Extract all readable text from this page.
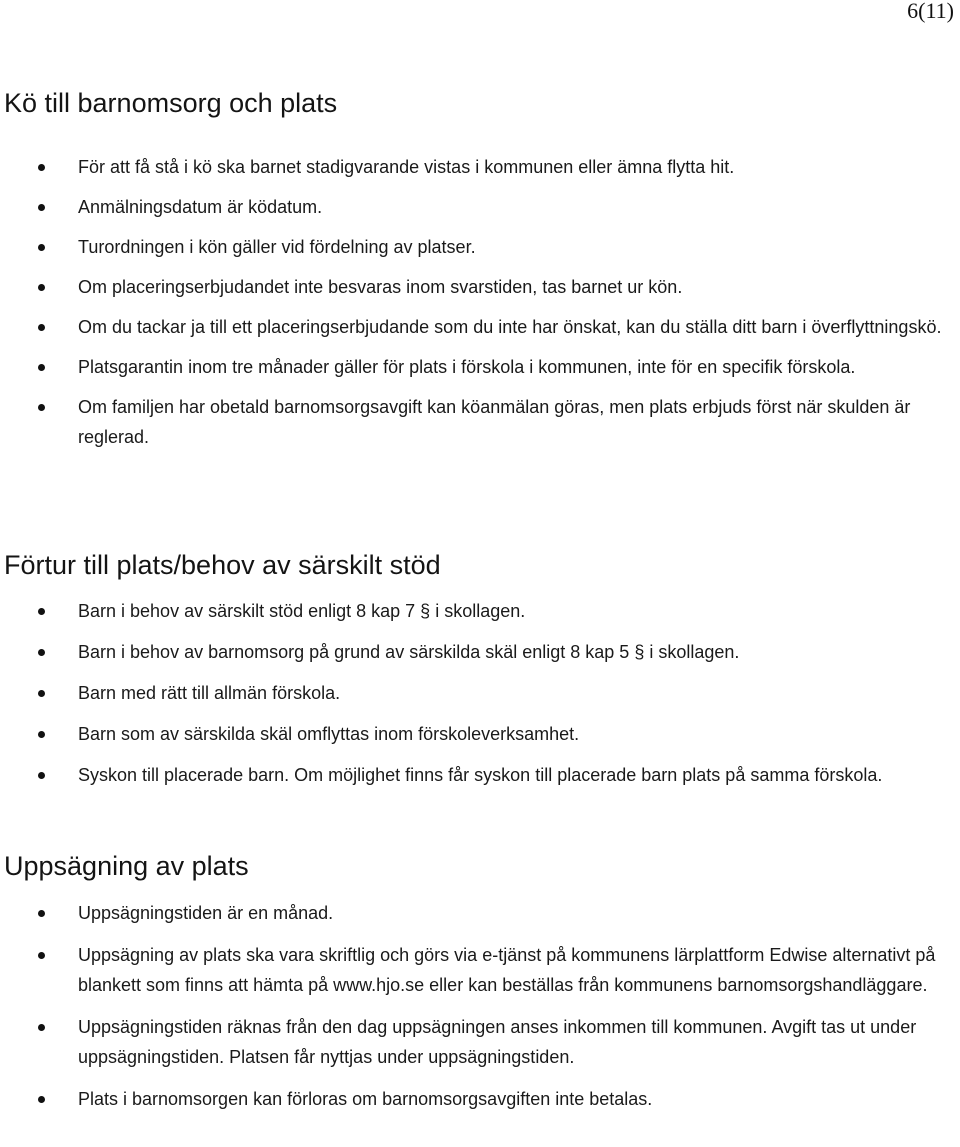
6(11)
Kö till barnomsorg och plats
För att få stå i kö ska barnet stadigvarande vistas i kommunen eller ämna flytta hit.
Anmälningsdatum är ködatum.
Turordningen i kön gäller vid fördelning av platser.
Om placeringserbjudandet inte besvaras inom svarstiden, tas barnet ur kön.
Om du tackar ja till ett placeringserbjudande som du inte har önskat, kan du ställa ditt barn i överflyttningskö.
Platsgarantin inom tre månader gäller för plats i förskola i kommunen, inte för en specifik förskola.
Om familjen har obetald barnomsorgsavgift kan köanmälan göras, men plats erbjuds först när skulden är reglerad.
Förtur till plats/behov av särskilt stöd
Barn i behov av särskilt stöd enligt 8 kap 7 § i skollagen.
Barn i behov av barnomsorg på grund av särskilda skäl enligt 8 kap 5 § i skollagen.
Barn med rätt till allmän förskola.
Barn som av särskilda skäl omflyttas inom förskoleverksamhet.
Syskon till placerade barn. Om möjlighet finns får syskon till placerade barn plats på samma förskola.
Uppsägning av plats
Uppsägningstiden är en månad.
Uppsägning av plats ska vara skriftlig och görs via e-tjänst på kommunens lärplattform Edwise alternativt på blankett som finns att hämta på www.hjo.se eller kan beställas från kommunens barnomsorgshandläggare.
Uppsägningstiden räknas från den dag uppsägningen anses inkommen till kommunen. Avgift tas ut under uppsägningstiden. Platsen får nyttjas under uppsägningstiden.
Plats i barnomsorgen kan förloras om barnomsorgsavgiften inte betalas.
